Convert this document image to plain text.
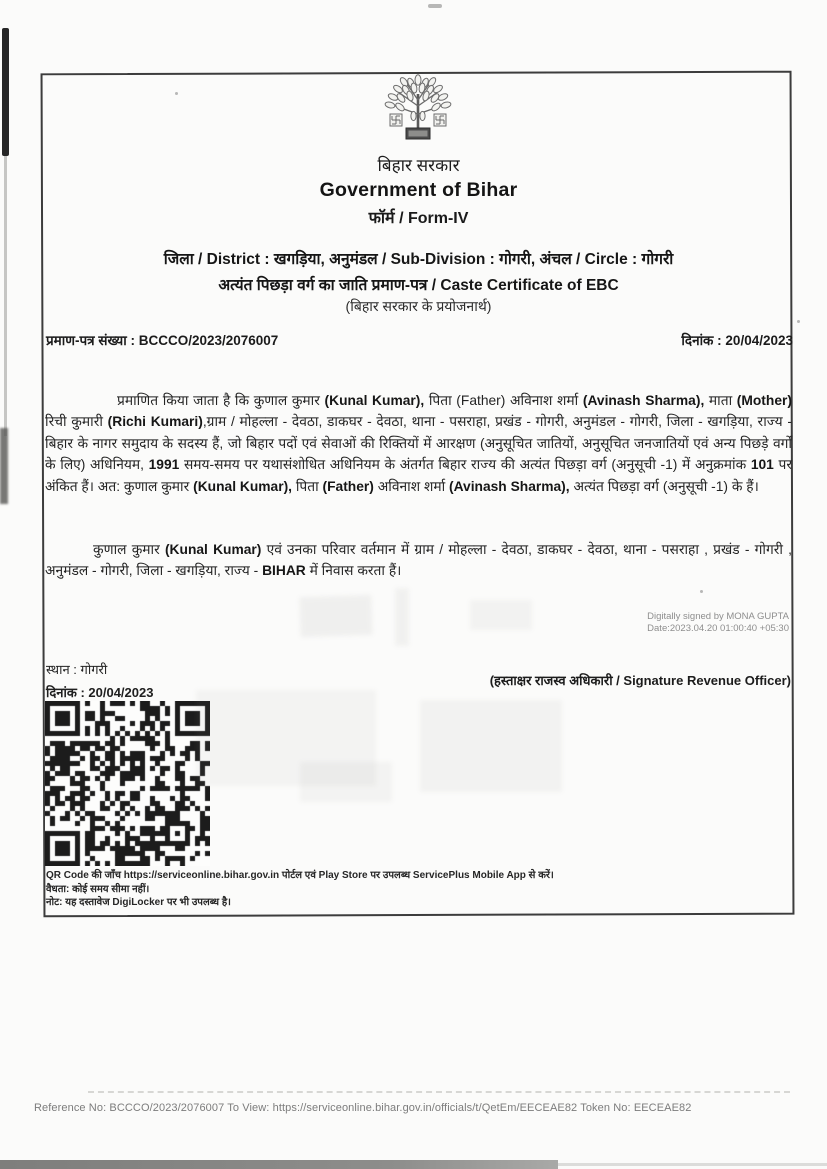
बिहार सरकार
Government of Bihar
फॉर्म / Form-IV
जिला / District : खगड़िया, अनुमंडल / Sub-Division : गोगरी, अंचल / Circle : गोगरी
अत्यंत पिछड़ा वर्ग का जाति प्रमाण-पत्र / Caste Certificate of EBC
(बिहार सरकार के प्रयोजनार्थ)
प्रमाण-पत्र संख्या : BCCCO/2023/2076007	दिनांक : 20/04/2023
प्रमाणित किया जाता है कि कुणाल कुमार (Kunal Kumar), पिता (Father) अविनाश शर्मा (Avinash Sharma), माता (Mother) रिची कुमारी (Richi Kumari),ग्राम / मोहल्ला - देवठा, डाकघर - देवठा, थाना - पसराहा, प्रखंड - गोगरी, अनुमंडल - गोगरी, जिला - खगड़िया, राज्य - बिहार के नागर समुदाय के सदस्य हैं, जो बिहार पदों एवं सेवाओं की रिक्तियों में आरक्षण (अनुसूचित जातियों, अनुसूचित जनजातियों एवं अन्य पिछड़े वर्गों के लिए) अधिनियम, 1991 समय-समय पर यथासंशोधित अधिनियम के अंतर्गत बिहार राज्य की अत्यंत पिछड़ा वर्ग (अनुसूची -1) में अनुक्रमांक 101 पर अंकित हैं। अत: कुणाल कुमार (Kunal Kumar), पिता (Father) अविनाश शर्मा (Avinash Sharma), अत्यंत पिछड़ा वर्ग (अनुसूची -1) के हैं।
कुणाल कुमार (Kunal Kumar) एवं उनका परिवार वर्तमान में ग्राम / मोहल्ला - देवठा, डाकघर - देवठा, थाना - पसराहा , प्रखंड - गोगरी , अनुमंडल - गोगरी, जिला - खगड़िया, राज्य - BIHAR में निवास करता हैं।
Digitally signed by MONA GUPTA
Date:2023.04.20 01:00:40 +05:30
स्थान : गोगरी
दिनांक : 20/04/2023
(हस्ताक्षर राजस्व अधिकारी / Signature Revenue Officer)
QR Code की जाँच https://serviceonline.bihar.gov.in पोर्टल एवं Play Store पर उपलब्ध ServicePlus Mobile App से करें।
वैधता: कोई समय सीमा नहीं।
नोट: यह दस्तावेज DigiLocker पर भी उपलब्ध है।
Reference No: BCCCO/2023/2076007 To View: https://serviceonline.bihar.gov.in/officials/t/QetEm/EECEAE82 Token No: EECEAE82
